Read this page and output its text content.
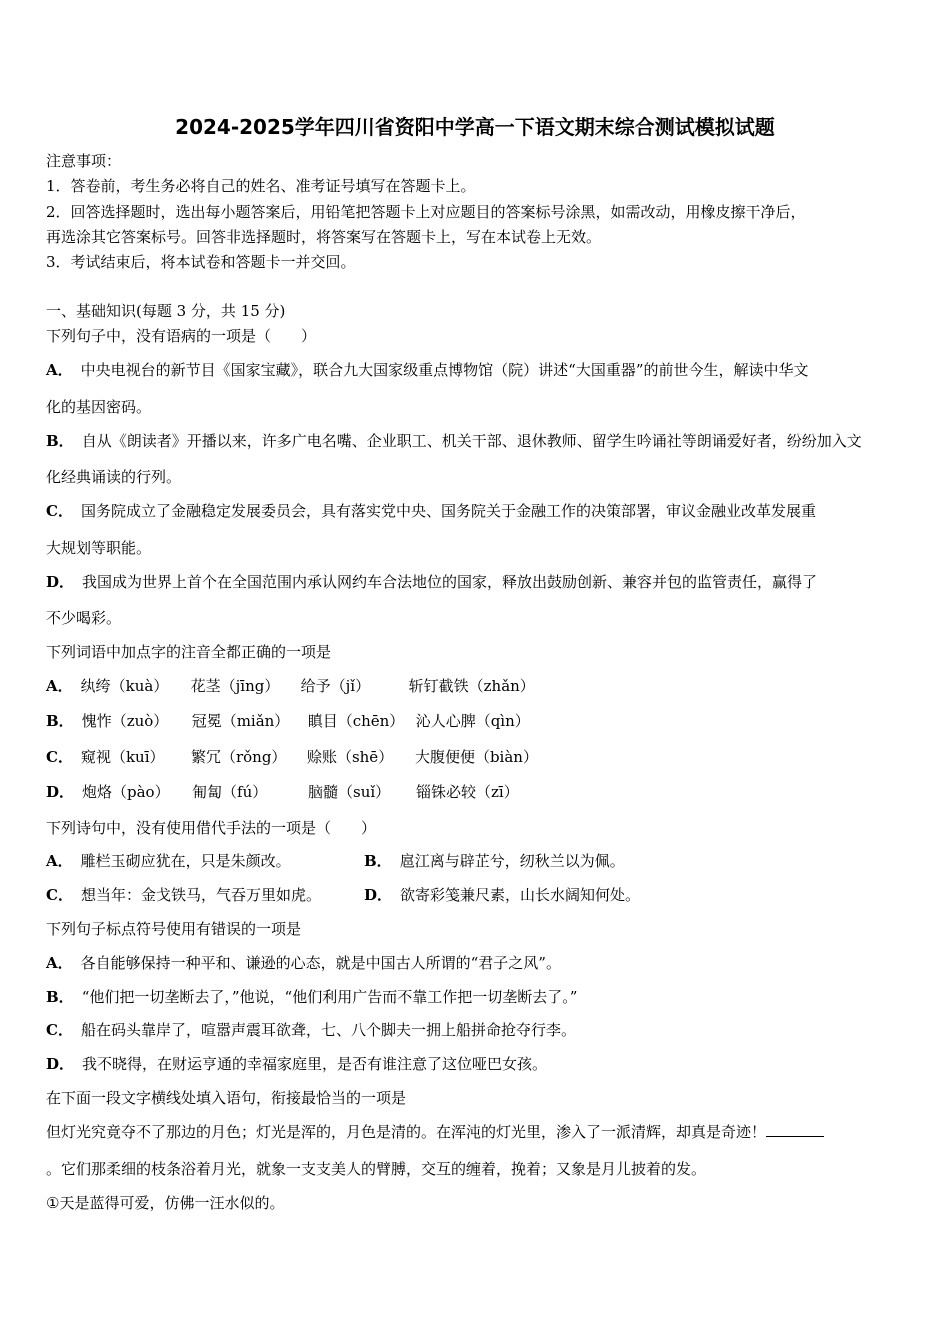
2024-2025学年四川省资阳中学高一下语文期末综合测试模拟试题
注意事项：
1．答卷前，考生务必将自己的姓名、准考证号填写在答题卡上。
2．回答选择题时，选出每小题答案后，用铅笔把答题卡上对应题目的答案标号涂黑，如需改动，用橡皮擦干净后，
再选涂其它答案标号。回答非选择题时，将答案写在答题卡上，写在本试卷上无效。
3．考试结束后，将本试卷和答题卡一并交回。
一、基础知识(每题 3 分，共 15 分)
下列句子中，没有语病的一项是（　　）
A． 中央电视台的新节目《国家宝藏》，联合九大国家级重点博物馆（院）讲述“大国重器”的前世今生，解读中华文
化的基因密码。
B． 自从《朗读者》开播以来，许多广电名嘴、企业职工、机关干部、退休教师、留学生吟诵社等朗诵爱好者，纷纷加入文
化经典诵读的行列。
C． 国务院成立了金融稳定发展委员会，具有落实党中央、国务院关于金融工作的决策部署，审议金融业改革发展重
大规划等职能。
D． 我国成为世界上首个在全国范围内承认网约车合法地位的国家，释放出鼓励创新、兼容并包的监管责任，赢得了
不少喝彩。
下列词语中加点字的注音全都正确的一项是
A． 纨绔（kuà） 花茎（jīng） 给予（jǐ）	斩钉截铁（zhǎn）
B． 愧怍（zuò） 冠冕（miǎn） 瞋目（chēn） 沁人心脾（qìn）
C． 窥视（kuī） 繁冗（rǒng） 赊账（shē） 大腹便便（biàn）
D． 炮烙（pào） 匍匐（fú）	脑髓（suǐ） 锱铢必较（zī）
下列诗句中，没有使用借代手法的一项是（　　）
A． 雕栏玉砌应犹在，只是朱颜改。	B． 扈江离与辟芷兮，纫秋兰以为佩。
C． 想当年：金戈铁马，气吞万里如虎。	D． 欲寄彩笺兼尺素，山长水阔知何处。
下列句子标点符号使用有错误的一项是
A． 各自能够保持一种平和、谦逊的心态，就是中国古人所谓的“君子之风”。
B． “他们把一切垄断去了，”他说，“他们利用广告而不靠工作把一切垄断去了。”
C． 船在码头靠岸了，喧嚣声震耳欲聋，七、八个脚夫一拥上船拼命抢夺行李。
D． 我不晓得，在财运亨通的幸福家庭里，是否有谁注意了这位哑巴女孩。
在下面一段文字横线处填入语句，衔接最恰当的一项是
但灯光究竟夺不了那边的月色；灯光是浑的，月色是清的。在浑沌的灯光里，渗入了一派清辉，却真是奇迹！
。它们那柔细的枝条浴着月光，就象一支支美人的臂膊，交互的缠着，挽着；又象是月儿披着的发。
①天是蓝得可爱，仿佛一汪水似的。
